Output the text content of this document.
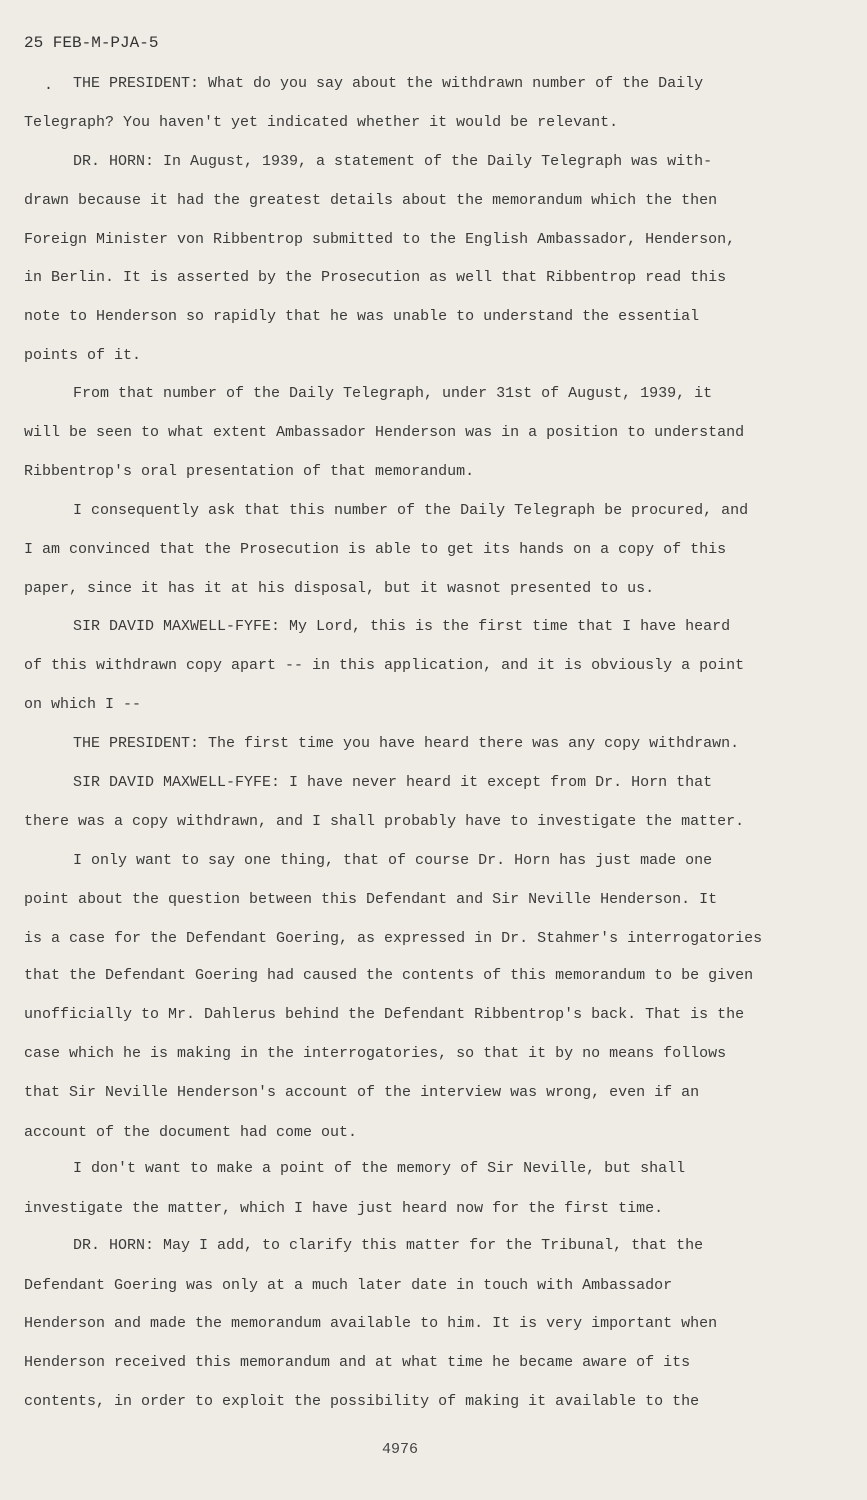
25 FEB-M-PJA-5
· THE PRESIDENT: What do you say about the withdrawn number of the Daily
Telegraph? You haven't yet indicated whether it would be relevant.
DR. HORN: In August, 1939, a statement of the Daily Telegraph was with-
drawn because it had the greatest details about the memorandum which the then
Foreign Minister von Ribbentrop submitted to the English Ambassador, Henderson,
in Berlin. It is asserted by the Prosecution as well that Ribbentrop read this
note to Henderson so rapidly that he was unable to understand the essential
points of it.
From that number of the Daily Telegraph, under 31st of August, 1939, it
will be seen to what extent Ambassador Henderson was in a position to understand
Ribbentrop's oral presentation of that memorandum.
I consequently ask that this number of the Daily Telegraph be procured, and
I am convinced that the Prosecution is able to get its hands on a copy of this
paper, since it has it at his disposal, but it wasnot presented to us.
SIR DAVID MAXWELL-FYFE: My Lord, this is the first time that I have heard
of this withdrawn copy apart -- in this application, and it is obviously a point
on which I --
THE PRESIDENT: The first time you have heard there was any copy withdrawn.
SIR DAVID MAXWELL-FYFE: I have never heard it except from Dr. Horn that
there was a copy withdrawn, and I shall probably have to investigate the matter.
I only want to say one thing, that of course Dr. Horn has just made one
point about the question between this Defendant and Sir Neville Henderson. It
is a case for the Defendant Goering, as expressed in Dr. Stahmer's interrogatories
that the Defendant Goering had caused the contents of this memorandum to be given
unofficially to Mr. Dahlerus behind the Defendant Ribbentrop's back. That is the
case which he is making in the interrogatories, so that it by no means follows
that Sir Neville Henderson's account of the interview was wrong, even if an
account of the document had come out.
I don't want to make a point of the memory of Sir Neville, but shall
investigate the matter, which I have just heard now for the first time.
DR. HORN: May I add, to clarify this matter for the Tribunal, that the
Defendant Goering was only at a much later date in touch with Ambassador
Henderson and made the memorandum available to him. It is very important when
Henderson received this memorandum and at what time he became aware of its
contents, in order to exploit the possibility of making it available to the
4976
